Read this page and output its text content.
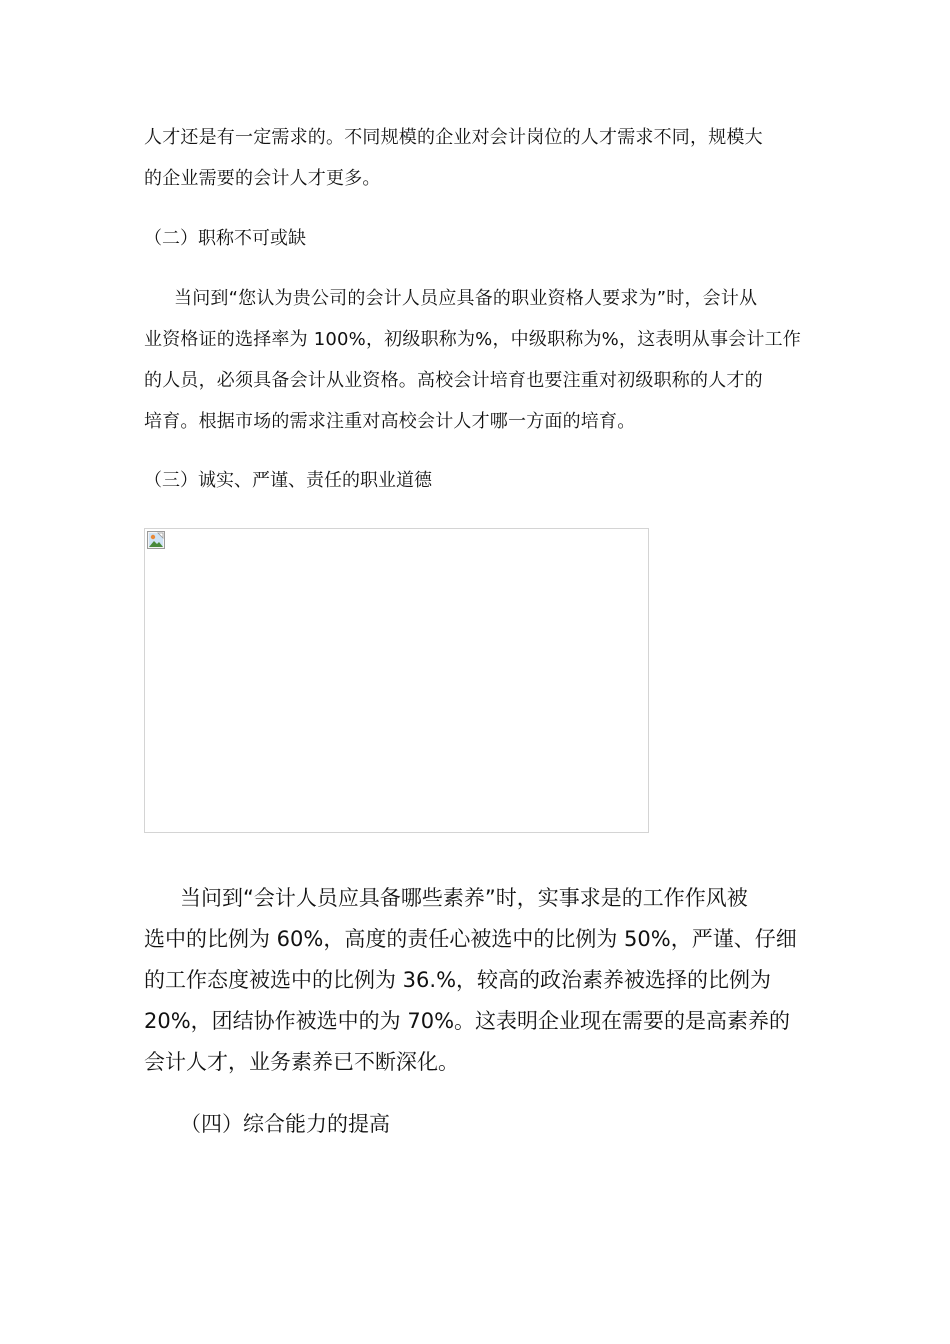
人才还是有一定需求的。不同规模的企业对会计岗位的人才需求不同，规模大
的企业需要的会计人才更多。
（二）职称不可或缺
当问到“您认为贵公司的会计人员应具备的职业资格人要求为”时，会计从
业资格证的选择率为 100%，初级职称为%，中级职称为%，这表明从事会计工作
的人员，必须具备会计从业资格。高校会计培育也要注重对初级职称的人才的
培育。根据市场的需求注重对高校会计人才哪一方面的培育。
（三）诚实、严谨、责任的职业道德
当问到“会计人员应具备哪些素养”时，实事求是的工作作风被
选中的比例为 60%，高度的责任心被选中的比例为 50%，严谨、仔细
的工作态度被选中的比例为 36.%，较高的政治素养被选择的比例为
20%，团结协作被选中的为 70%。这表明企业现在需要的是高素养的
会计人才，业务素养已不断深化。
（四）综合能力的提高
